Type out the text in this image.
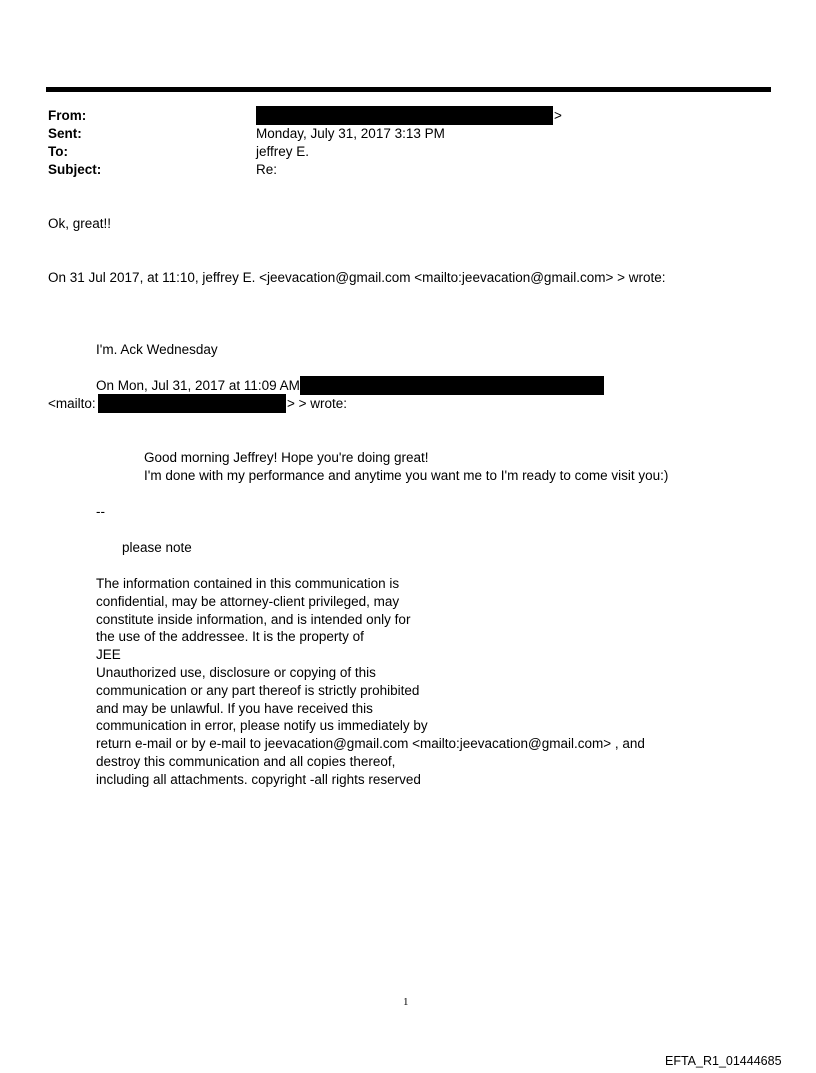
From:	>
Sent:	Monday, July 31, 2017 3:13 PM
To:	jeffrey E.
Subject:	Re:
Ok, great!!
On 31 Jul 2017, at 11:10, jeffrey E. <jeevacation@gmail.com <mailto:jeevacation@gmail.com> > wrote:
I'm. Ack Wednesday
On Mon, Jul 31, 2017 at 11:09 AM
<mailto:	> > wrote:
Good morning Jeffrey! Hope you're doing great!
I'm done with my performance and anytime you want me to I'm ready to come visit you:)
--
please note
The information contained in this communication is
confidential, may be attorney-client privileged, may
constitute inside information, and is intended only for
the use of the addressee. It is the property of
JEE
Unauthorized use, disclosure or copying of this
communication or any part thereof is strictly prohibited
and may be unlawful. If you have received this
communication in error, please notify us immediately by
return e-mail or by e-mail to jeevacation@gmail.com <mailto:jeevacation@gmail.com> , and
destroy this communication and all copies thereof,
including all attachments. copyright -all rights reserved
1
EFTA_R1_01444685
